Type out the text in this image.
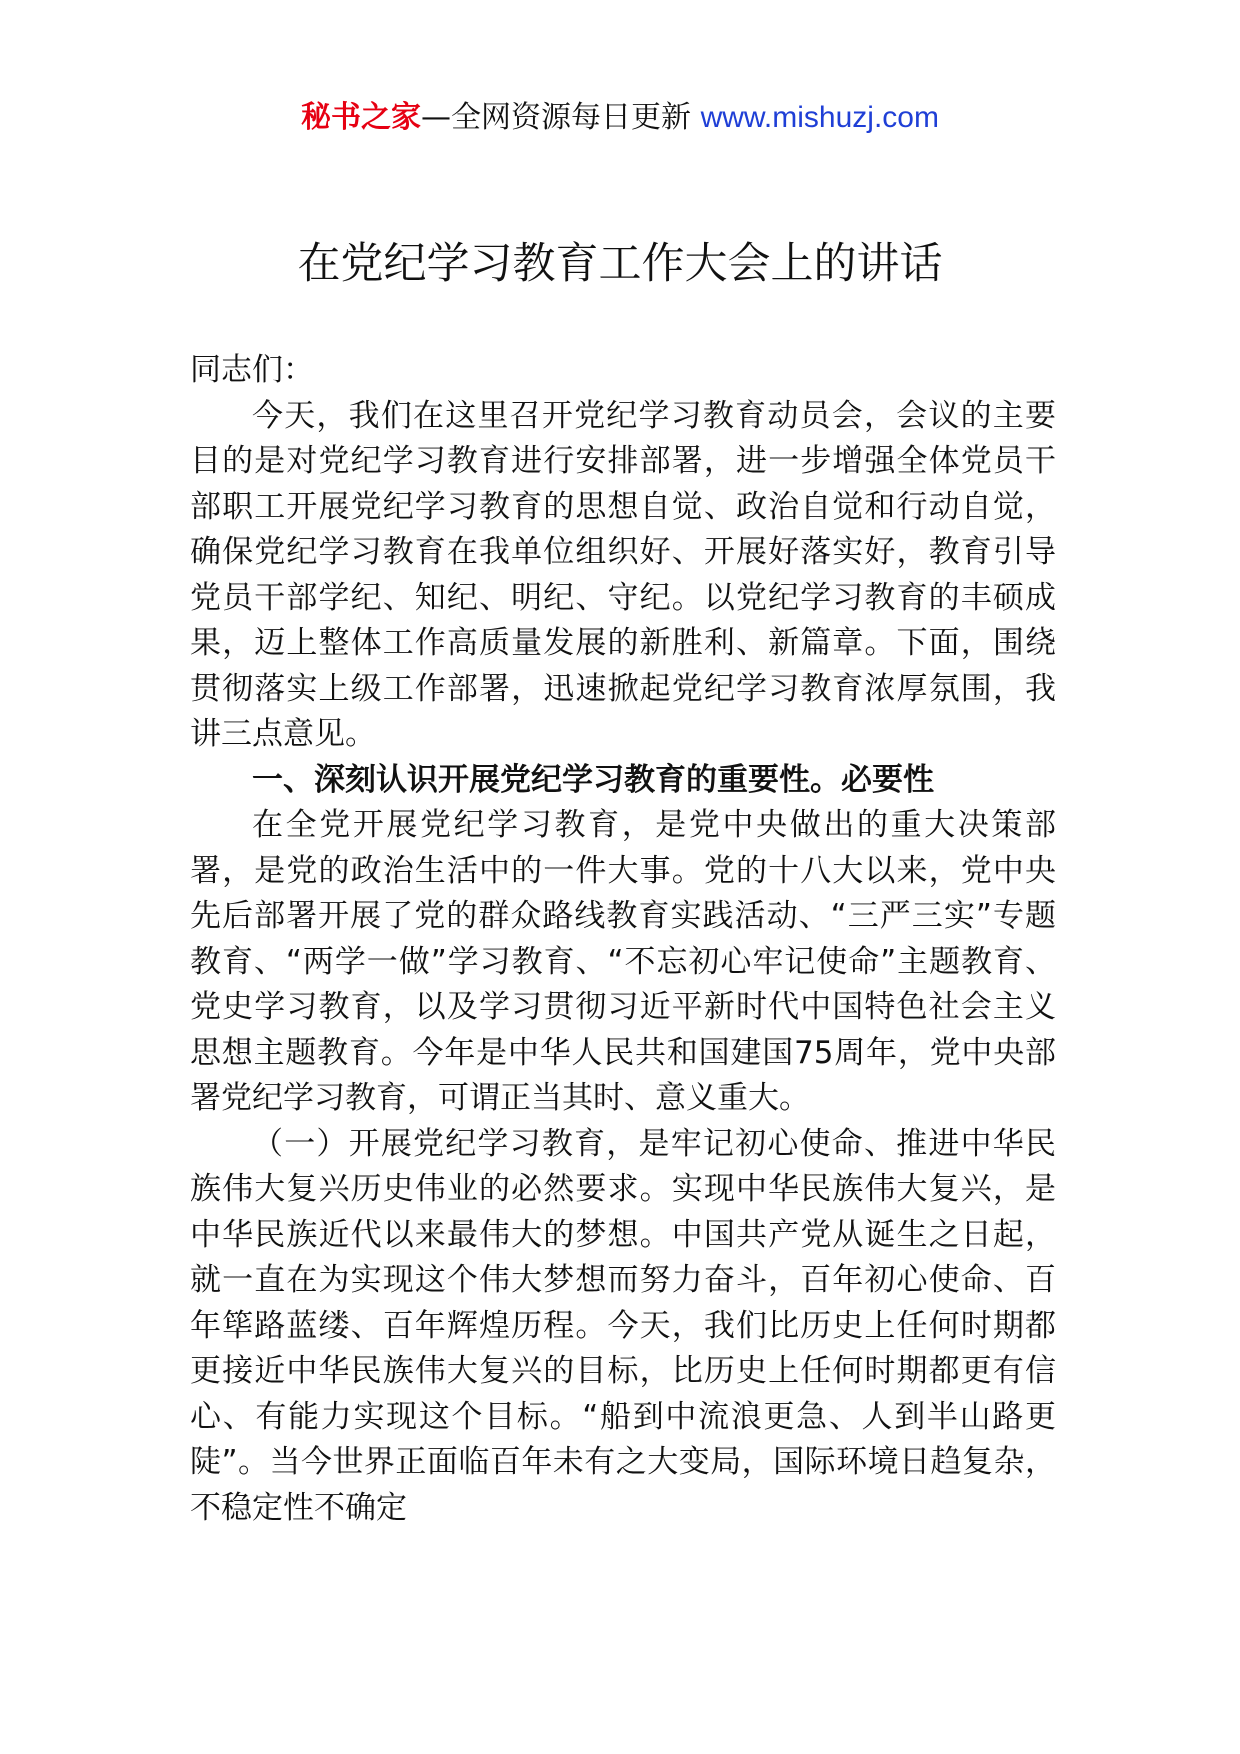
秘书之家—全网资源每日更新 www.mishuzj.com
在党纪学习教育工作大会上的讲话

同志们：

今天，我们在这里召开党纪学习教育动员会，会议的主要目的是对党纪学习教育进行安排部署，进一步增强全体党员干部职工开展党纪学习教育的思想自觉、政治自觉和行动自觉，确保党纪学习教育在我单位组织好、开展好落实好，教育引导党员干部学纪、知纪、明纪、守纪。以党纪学习教育的丰硕成果，迈上整体工作高质量发展的新胜利、新篇章。下面，围绕贯彻落实上级工作部署，迅速掀起党纪学习教育浓厚氛围，我讲三点意见。

一、深刻认识开展党纪学习教育的重要性。必要性

在全党开展党纪学习教育，是党中央做出的重大决策部署，是党的政治生活中的一件大事。党的十八大以来，党中央先后部署开展了党的群众路线教育实践活动、“三严三实”专题教育、“两学一做”学习教育、“不忘初心牢记使命”主题教育、党史学习教育，以及学习贯彻习近平新时代中国特色社会主义思想主题教育。今年是中华人民共和国建国75周年，党中央部署党纪学习教育，可谓正当其时、意义重大。

（一）开展党纪学习教育，是牢记初心使命、推进中华民族伟大复兴历史伟业的必然要求。实现中华民族伟大复兴，是中华民族近代以来最伟大的梦想。中国共产党从诞生之日起，就一直在为实现这个伟大梦想而努力奋斗，百年初心使命、百年筚路蓝缕、百年辉煌历程。今天，我们比历史上任何时期都更接近中华民族伟大复兴的目标，比历史上任何时期都更有信心、有能力实现这个目标。“船到中流浪更急、人到半山路更陡”。当今世界正面临百年未有之大变局，国际环境日趋复杂，不稳定性不确定
